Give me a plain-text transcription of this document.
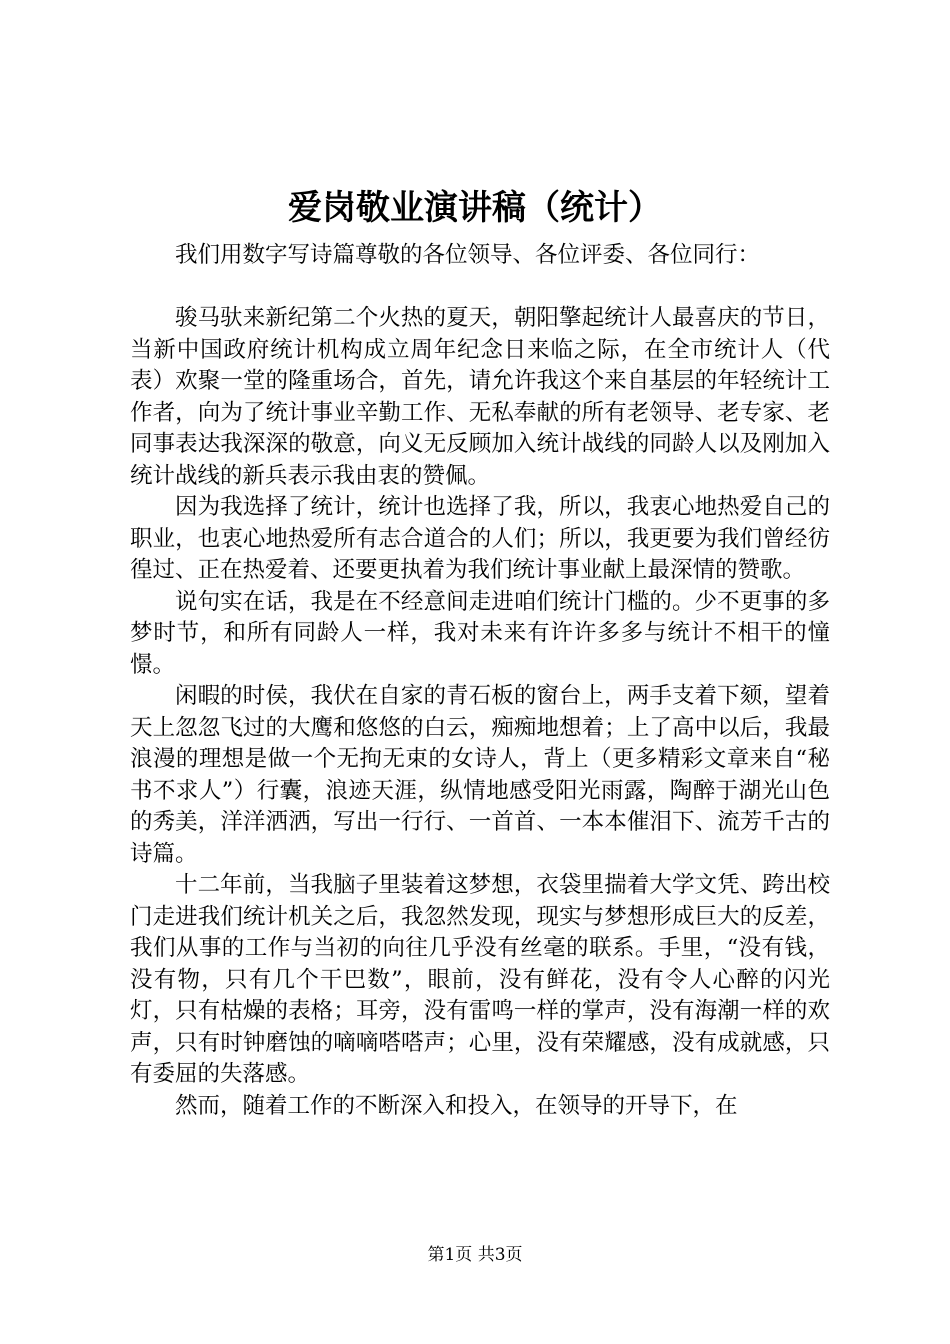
爱岗敬业演讲稿（统计）

我们用数字写诗篇尊敬的各位领导、各位评委、各位同行：

骏马驮来新纪第二个火热的夏天，朝阳擎起统计人最喜庆的节日，当新中国政府统计机构成立周年纪念日来临之际，在全市统计人（代表）欢聚一堂的隆重场合，首先，请允许我这个来自基层的年轻统计工作者，向为了统计事业辛勤工作、无私奉献的所有老领导、老专家、老同事表达我深深的敬意，向义无反顾加入统计战线的同龄人以及刚加入统计战线的新兵表示我由衷的赞佩。

因为我选择了统计，统计也选择了我，所以，我衷心地热爱自己的职业，也衷心地热爱所有志合道合的人们；所以，我更要为我们曾经彷徨过、正在热爱着、还要更执着为我们统计事业献上最深情的赞歌。

说句实在话，我是在不经意间走进咱们统计门槛的。少不更事的多梦时节，和所有同龄人一样，我对未来有许许多多与统计不相干的憧憬。

闲暇的时侯，我伏在自家的青石板的窗台上，两手支着下颏，望着天上忽忽飞过的大鹰和悠悠的白云，痴痴地想着；上了高中以后，我最浪漫的理想是做一个无拘无束的女诗人，背上（更多精彩文章来自“秘书不求人”）行囊，浪迹天涯，纵情地感受阳光雨露，陶醉于湖光山色的秀美，洋洋洒洒，写出一行行、一首首、一本本催泪下、流芳千古的诗篇。

十二年前，当我脑子里装着这梦想，衣袋里揣着大学文凭、跨出校门走进我们统计机关之后，我忽然发现，现实与梦想形成巨大的反差，我们从事的工作与当初的向往几乎没有丝毫的联系。手里，“没有钱，没有物，只有几个干巴数”，眼前，没有鲜花，没有令人心醉的闪光灯，只有枯燥的表格；耳旁，没有雷鸣一样的掌声，没有海潮一样的欢声，只有时钟磨蚀的嘀嘀嗒嗒声；心里，没有荣耀感，没有成就感，只有委屈的失落感。

然而，随着工作的不断深入和投入，在领导的开导下，在

第1页 共3页
